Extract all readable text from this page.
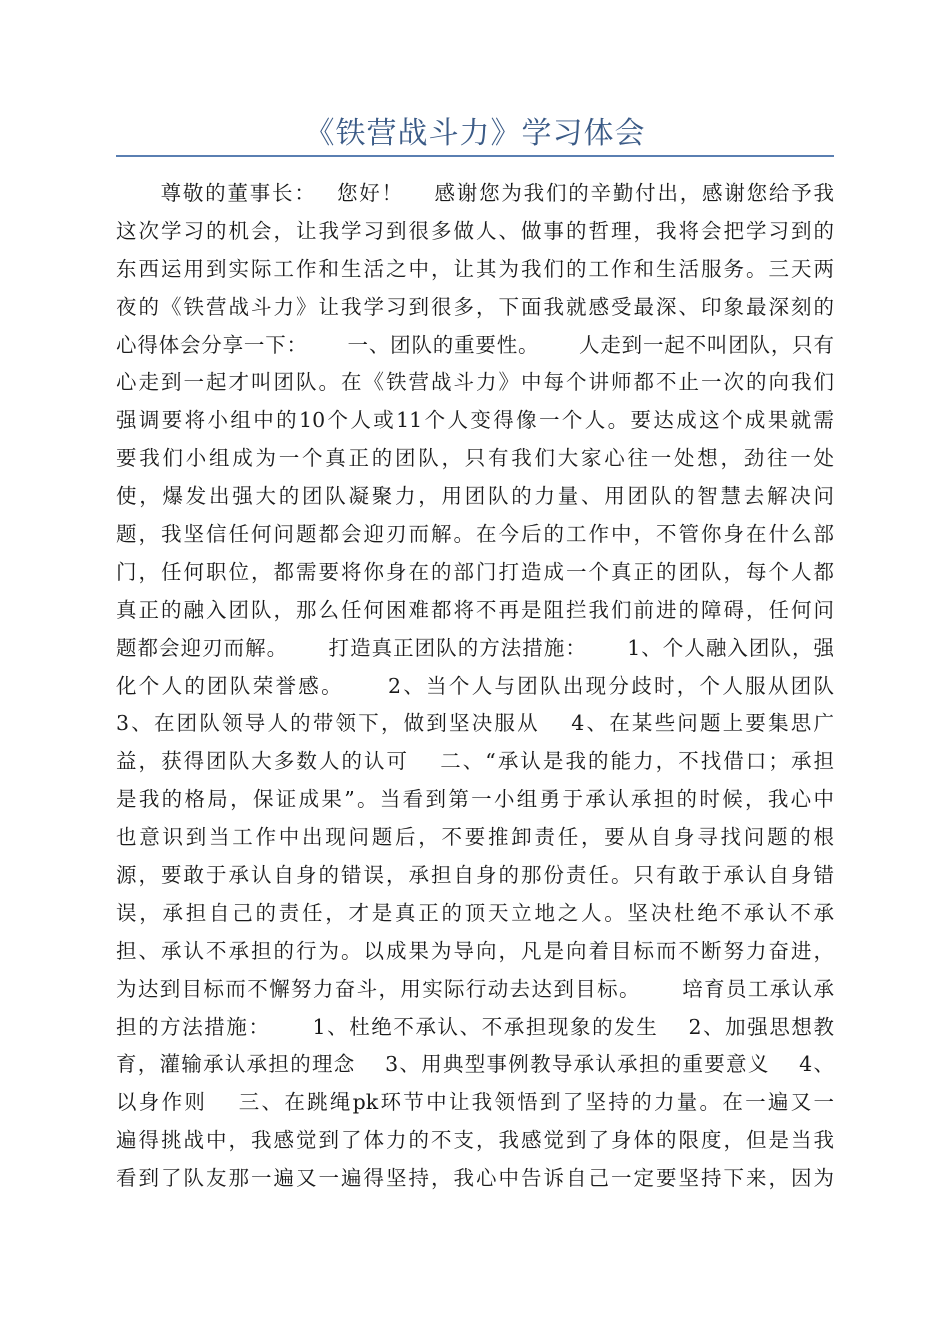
《铁营战斗力》学习体会
　　尊敬的董事长：　 您好！　 感谢您为我们的辛勤付出，感谢您给予我
这次学习的机会，让我学习到很多做人、做事的哲理，我将会把学习到的
东西运用到实际工作和生活之中，让其为我们的工作和生活服务。三天两
夜的《铁营战斗力》让我学习到很多，下面我就感受最深、印象最深刻的
心得体会分享一下：　 　一、团队的重要性。　 　人走到一起不叫团队，只有
心走到一起才叫团队。在《铁营战斗力》中每个讲师都不止一次的向我们
强调要将小组中的10个人或11个人变得像一个人。要达成这个成果就需
要我们小组成为一个真正的团队，只有我们大家心往一处想，劲往一处
使，爆发出强大的团队凝聚力，用团队的力量、用团队的智慧去解决问
题，我坚信任何问题都会迎刃而解。在今后的工作中，不管你身在什么部
门，任何职位，都需要将你身在的部门打造成一个真正的团队，每个人都
真正的融入团队，那么任何困难都将不再是阻拦我们前进的障碍，任何问
题都会迎刃而解。　 　打造真正团队的方法措施：　 　1、个人融入团队，强
化个人的团队荣誉感。　 　2、当个人与团队出现分歧时，个人服从团队
3、在团队领导人的带领下，做到坚决服从　 4、在某些问题上要集思广
益，获得团队大多数人的认可　 二、“承认是我的能力，不找借口；承担
是我的格局，保证成果”。当看到第一小组勇于承认承担的时候，我心中
也意识到当工作中出现问题后，不要推卸责任，要从自身寻找问题的根
源，要敢于承认自身的错误，承担自身的那份责任。只有敢于承认自身错
误，承担自己的责任，才是真正的顶天立地之人。坚决杜绝不承认不承
担、承认不承担的行为。以成果为导向，凡是向着目标而不断努力奋进，
为达到目标而不懈努力奋斗，用实际行动去达到目标。　 　培育员工承认承
担的方法措施：　 　1、杜绝不承认、不承担现象的发生　 2、加强思想教
育，灌输承认承担的理念　 3、用典型事例教导承认承担的重要意义　 4、
以身作则　 三、在跳绳pk环节中让我领悟到了坚持的力量。在一遍又一
遍得挑战中，我感觉到了体力的不支，我感觉到了身体的限度，但是当我
看到了队友那一遍又一遍得坚持，我心中告诉自己一定要坚持下来，因为
